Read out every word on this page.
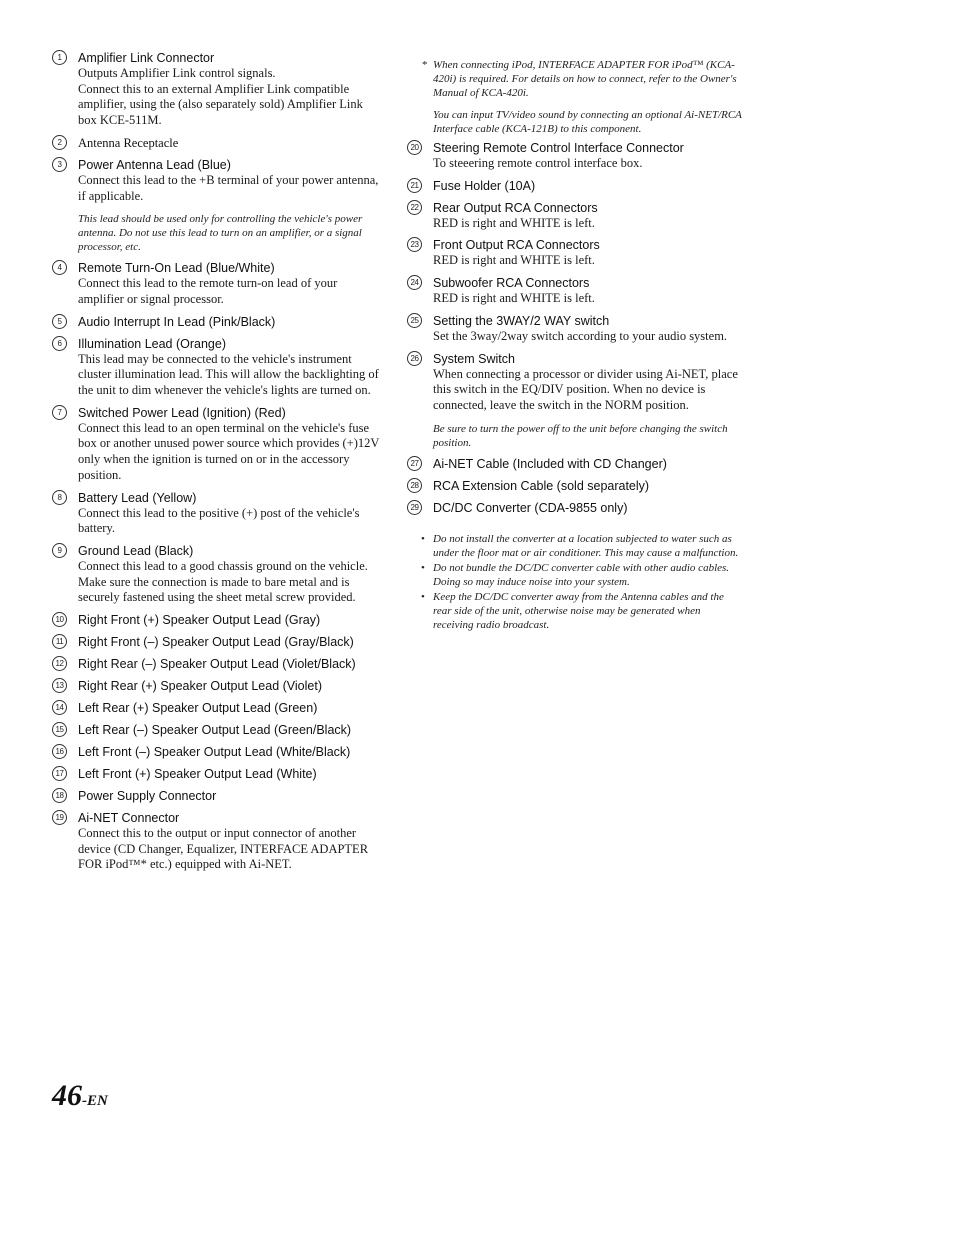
1	Amplifier Link Connector
Outputs Amplifier Link control signals.
Connect this to an external Amplifier Link compatible amplifier, using the (also separately sold) Amplifier Link box KCE-511M.
2	Antenna Receptacle
3	Power Antenna Lead (Blue)
Connect this lead to the +B terminal of your power antenna, if applicable.
This lead should be used only for controlling the vehicle's power antenna. Do not use this lead to turn on an amplifier, or a signal processor, etc.
4	Remote Turn-On Lead (Blue/White)
Connect this lead to the remote turn-on lead of your amplifier or signal processor.
5	Audio Interrupt In Lead (Pink/Black)
6	Illumination Lead (Orange)
This lead may be connected to the vehicle's instrument cluster illumination lead. This will allow the backlighting of the unit to dim whenever the vehicle's lights are turned on.
7	Switched Power Lead (Ignition) (Red)
Connect this lead to an open terminal on the vehicle's fuse box or another unused power source which provides (+)12V only when the ignition is turned on or in the accessory position.
8	Battery Lead (Yellow)
Connect this lead to the positive (+) post of the vehicle's battery.
9	Ground Lead (Black)
Connect this lead to a good chassis ground on the vehicle. Make sure the connection is made to bare metal and is securely fastened using the sheet metal screw provided.
10 Right Front (+) Speaker Output Lead (Gray)
11	Right Front (–) Speaker Output Lead (Gray/Black)
12 Right Rear (–) Speaker Output Lead (Violet/Black)
13 Right Rear (+) Speaker Output Lead (Violet)
14 Left Rear (+) Speaker Output Lead (Green)
15 Left Rear (–) Speaker Output Lead (Green/Black)
16 Left Front (–) Speaker Output Lead (White/Black)
17 Left Front (+) Speaker Output Lead (White)
18 Power Supply Connector
19 Ai-NET Connector
Connect this to the output or input connector of another device (CD Changer, Equalizer, INTERFACE ADAPTER FOR iPod™* etc.) equipped with Ai-NET.
* When connecting iPod, INTERFACE ADAPTER FOR iPod™ (KCA-420i) is required. For details on how to connect, refer to the Owner's Manual of KCA-420i.
You can input TV/video sound by connecting an optional Ai-NET/RCA Interface cable (KCA-121B) to this component.
20 Steering Remote Control Interface Connector
To steeering remote control interface box.
21 Fuse Holder (10A)
22 Rear Output RCA Connectors
RED is right and WHITE is left.
23 Front Output RCA Connectors
RED is right and WHITE is left.
24 Subwoofer RCA Connectors
RED is right and WHITE is left.
25 Setting the 3WAY/2 WAY switch
Set the 3way/2way switch according to your audio system.
26 System Switch
When connecting a processor or divider using Ai-NET, place this switch in the EQ/DIV position. When no device is connected, leave the switch in the NORM position.
Be sure to turn the power off to the unit before changing the switch position.
27 Ai-NET Cable (Included with CD Changer)
28 RCA Extension Cable (sold separately)
29 DC/DC Converter (CDA-9855 only)
• Do not install the converter at a location subjected to water such as under the floor mat or air conditioner. This may cause a malfunction.
• Do not bundle the DC/DC converter cable with other audio cables. Doing so may induce noise into your system.
• Keep the DC/DC converter away from the Antenna cables and the rear side of the unit, otherwise noise may be generated when receiving radio broadcast.
46-EN
